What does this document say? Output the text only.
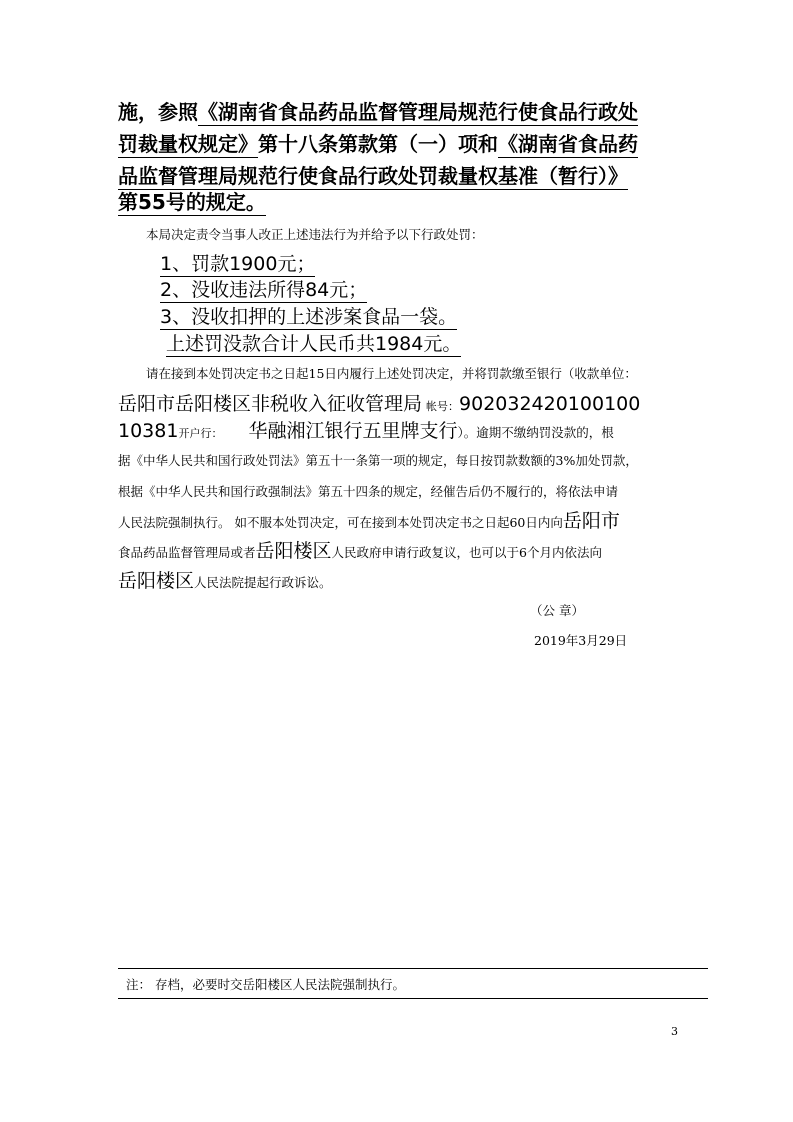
施，参照《湖南省食品药品监督管理局规范行使食品行政处
罚裁量权规定》第十八条第款第（一）项和《湖南省食品药
品监督管理局规范行使食品行政处罚裁量权基准（暂行）》
第55号的规定。
本局决定责令当事人改正上述违法行为并给予以下行政处罚：
1、罚款1900元；
2、没收违法所得84元；
3、没收扣押的上述涉案食品一袋。
上述罚没款合计人民币共1984元。
请在接到本处罚决定书之日起15日内履行上述处罚决定，并将罚款缴至银行（收款单位：
岳阳市岳阳楼区非税收入征收管理局 帐号：902032420100100
10381开户行： 华融湘江银行五里牌支行）。逾期不缴纳罚没款的，根
据《中华人民共和国行政处罚法》第五十一条第一项的规定，每日按罚款数额的3%加处罚款，
根据《中华人民共和国行政强制法》第五十四条的规定，经催告后仍不履行的，将依法申请
人民法院强制执行。 如不服本处罚决定，可在接到本处罚决定书之日起60日内向岳阳市
食品药品监督管理局或者岳阳楼区人民政府申请行政复议，也可以于6个月内依法向
岳阳楼区人民法院提起行政诉讼。
（公 章）
2019年3月29日
注： 存档，必要时交岳阳楼区人民法院强制执行。
3
